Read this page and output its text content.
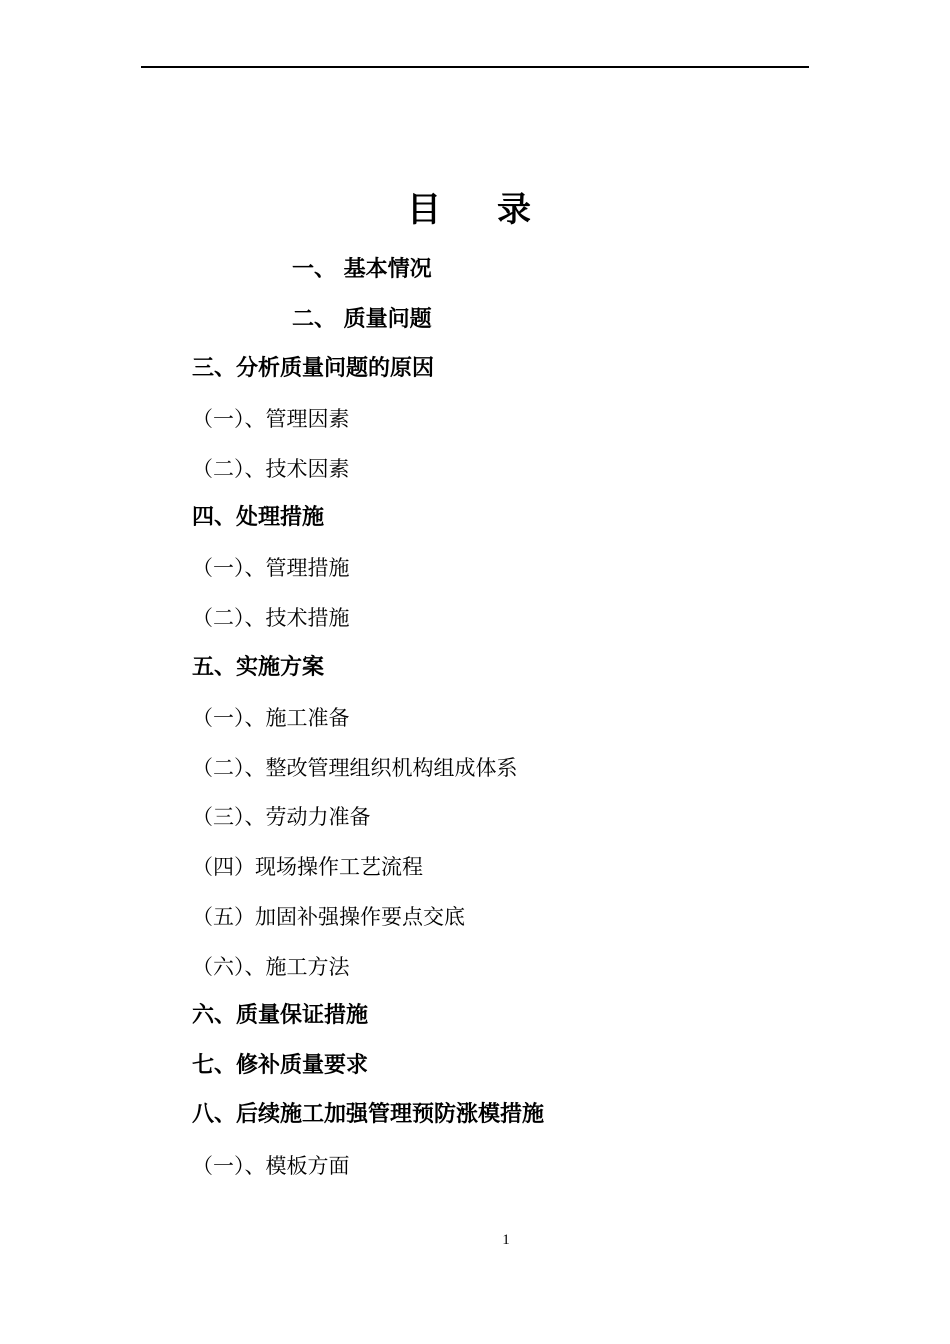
目录
一、 基本情况
二、 质量问题
三、分析质量问题的原因
（一）、管理因素
（二）、技术因素
四、处理措施
（一）、管理措施
（二）、技术措施
五、实施方案
（一）、施工准备
（二）、整改管理组织机构组成体系
（三）、劳动力准备
（四）现场操作工艺流程
（五）加固补强操作要点交底
（六）、施工方法
六、质量保证措施
七、修补质量要求
八、后续施工加强管理预防涨模措施
（一）、模板方面
1
